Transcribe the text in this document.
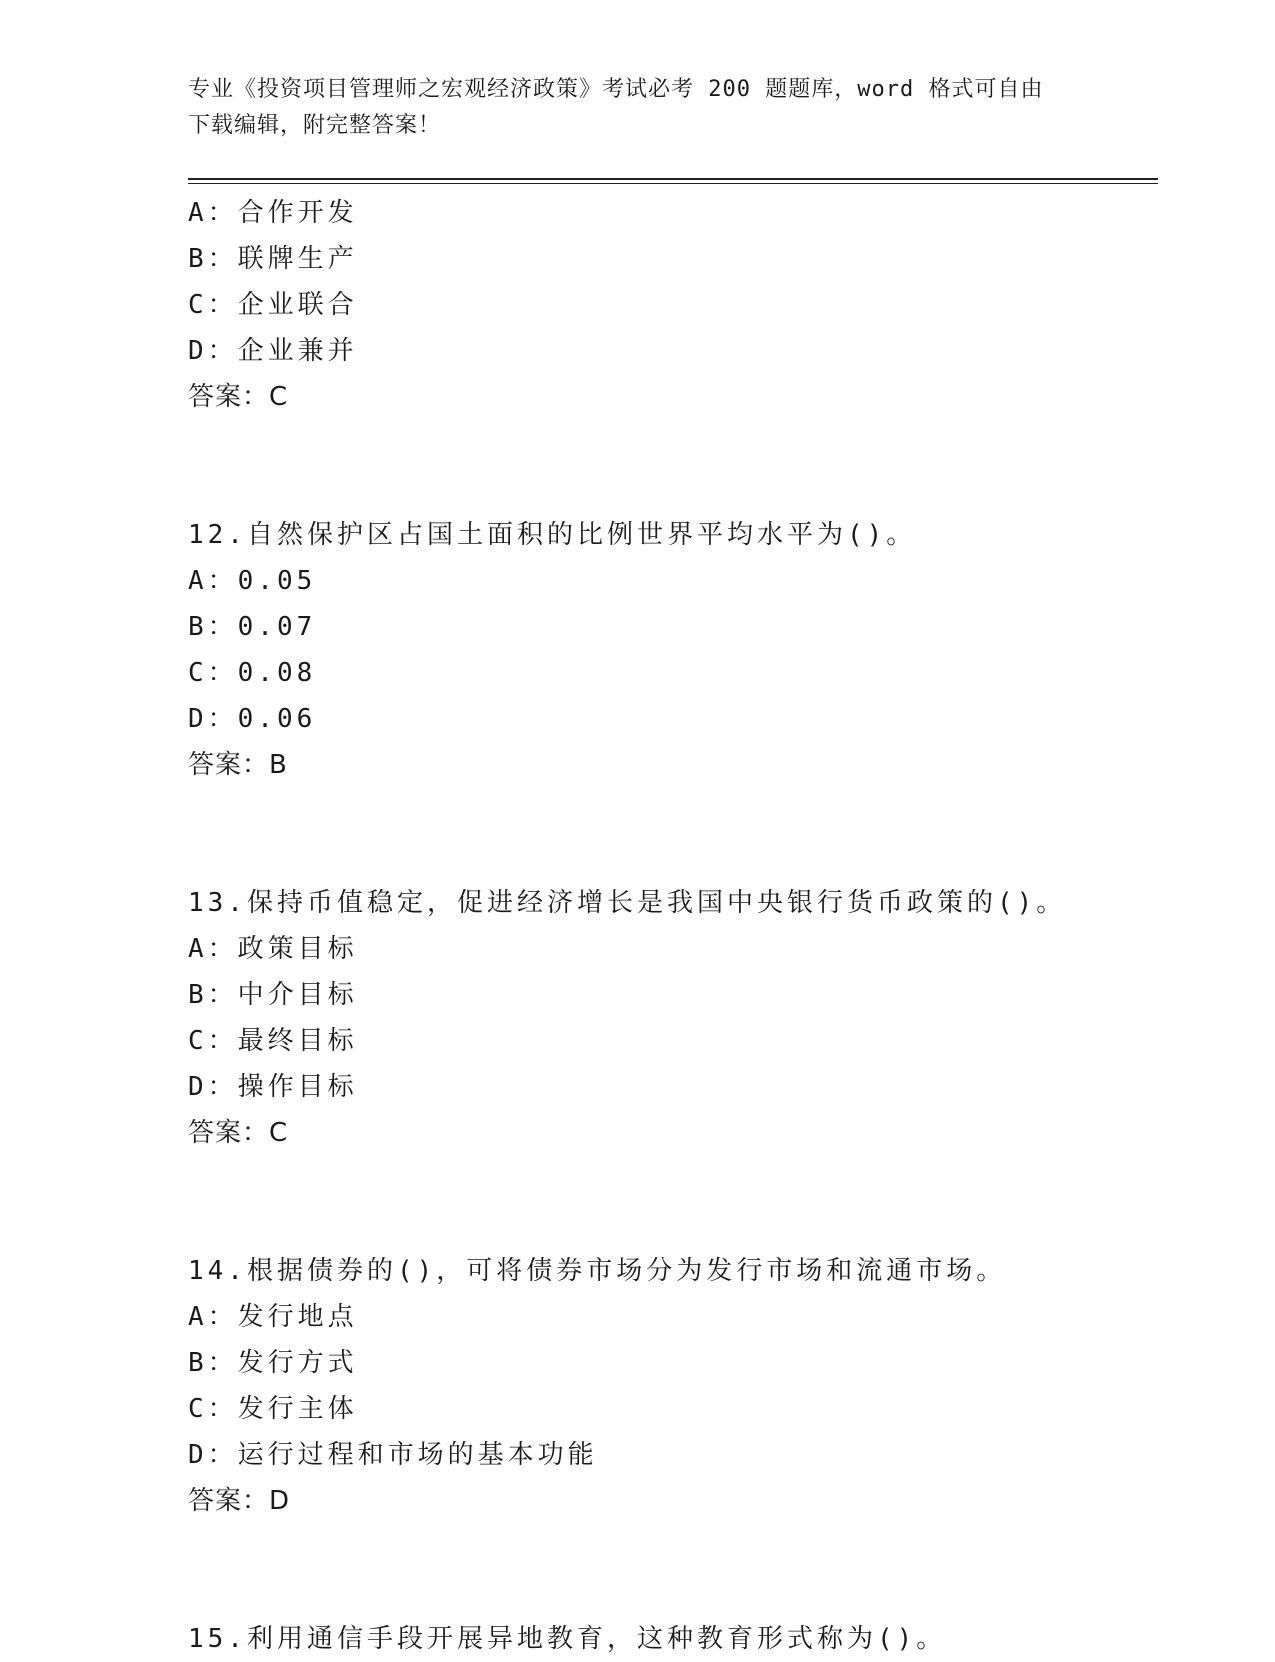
专业《投资项目管理师之宏观经济政策》考试必考 200 题题库，word 格式可自由
下载编辑，附完整答案！
A：合作开发
B：联牌生产
C：企业联合
D：企业兼并
答案：C
12.自然保护区占国土面积的比例世界平均水平为()。
A：0.05
B：0.07
C：0.08
D：0.06
答案：B
13.保持币值稳定，促进经济增长是我国中央银行货币政策的()。
A：政策目标
B：中介目标
C：最终目标
D：操作目标
答案：C
14.根据债券的()，可将债券市场分为发行市场和流通市场。
A：发行地点
B：发行方式
C：发行主体
D：运行过程和市场的基本功能
答案：D
15.利用通信手段开展异地教育，这种教育形式称为()。
